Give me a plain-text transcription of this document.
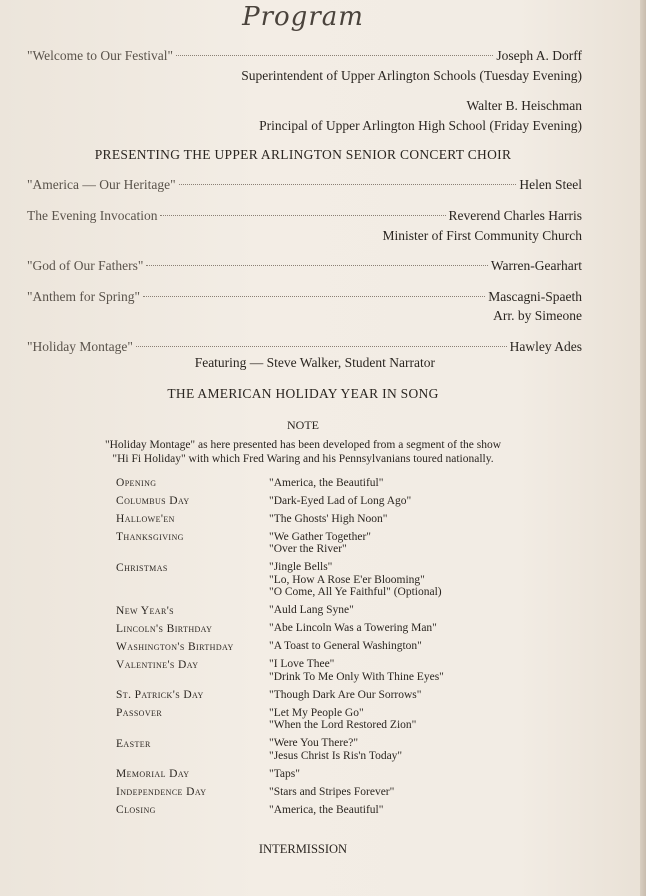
Program
"Welcome to Our Festival"	Joseph A. Dorff
Superintendent of Upper Arlington Schools (Tuesday Evening)
Walter B. Heischman
Principal of Upper Arlington High School (Friday Evening)
PRESENTING THE UPPER ARLINGTON SENIOR CONCERT CHOIR
"America — Our Heritage"	Helen Steel
The Evening Invocation	Reverend Charles Harris
Minister of First Community Church
"God of Our Fathers"	Warren-Gearhart
"Anthem for Spring"	Mascagni-Spaeth
Arr. by Simeone
"Holiday Montage"	Hawley Ades
Featuring — Steve Walker, Student Narrator
THE AMERICAN HOLIDAY YEAR IN SONG
NOTE
"Holiday Montage" as here presented has been developed from a segment of the show
"Hi Fi Holiday" with which Fred Waring and his Pennsylvanians toured nationally.
Opening	"America, the Beautiful"
Columbus Day	"Dark-Eyed Lad of Long Ago"
Hallowe'en	"The Ghosts' High Noon"
Thanksgiving	"We Gather Together"
"Over the River"
Christmas	"Jingle Bells"
"Lo, How A Rose E'er Blooming"
"O Come, All Ye Faithful" (Optional)
New Year's	"Auld Lang Syne"
Lincoln's Birthday	"Abe Lincoln Was a Towering Man"
Washington's Birthday	"A Toast to General Washington"
Valentine's Day	"I Love Thee"
"Drink To Me Only With Thine Eyes"
St. Patrick's Day	"Though Dark Are Our Sorrows"
Passover	"Let My People Go"
"When the Lord Restored Zion"
Easter	"Were You There?"
"Jesus Christ Is Ris'n Today"
Memorial Day	"Taps"
Independence Day	"Stars and Stripes Forever"
Closing	"America, the Beautiful"
INTERMISSION
